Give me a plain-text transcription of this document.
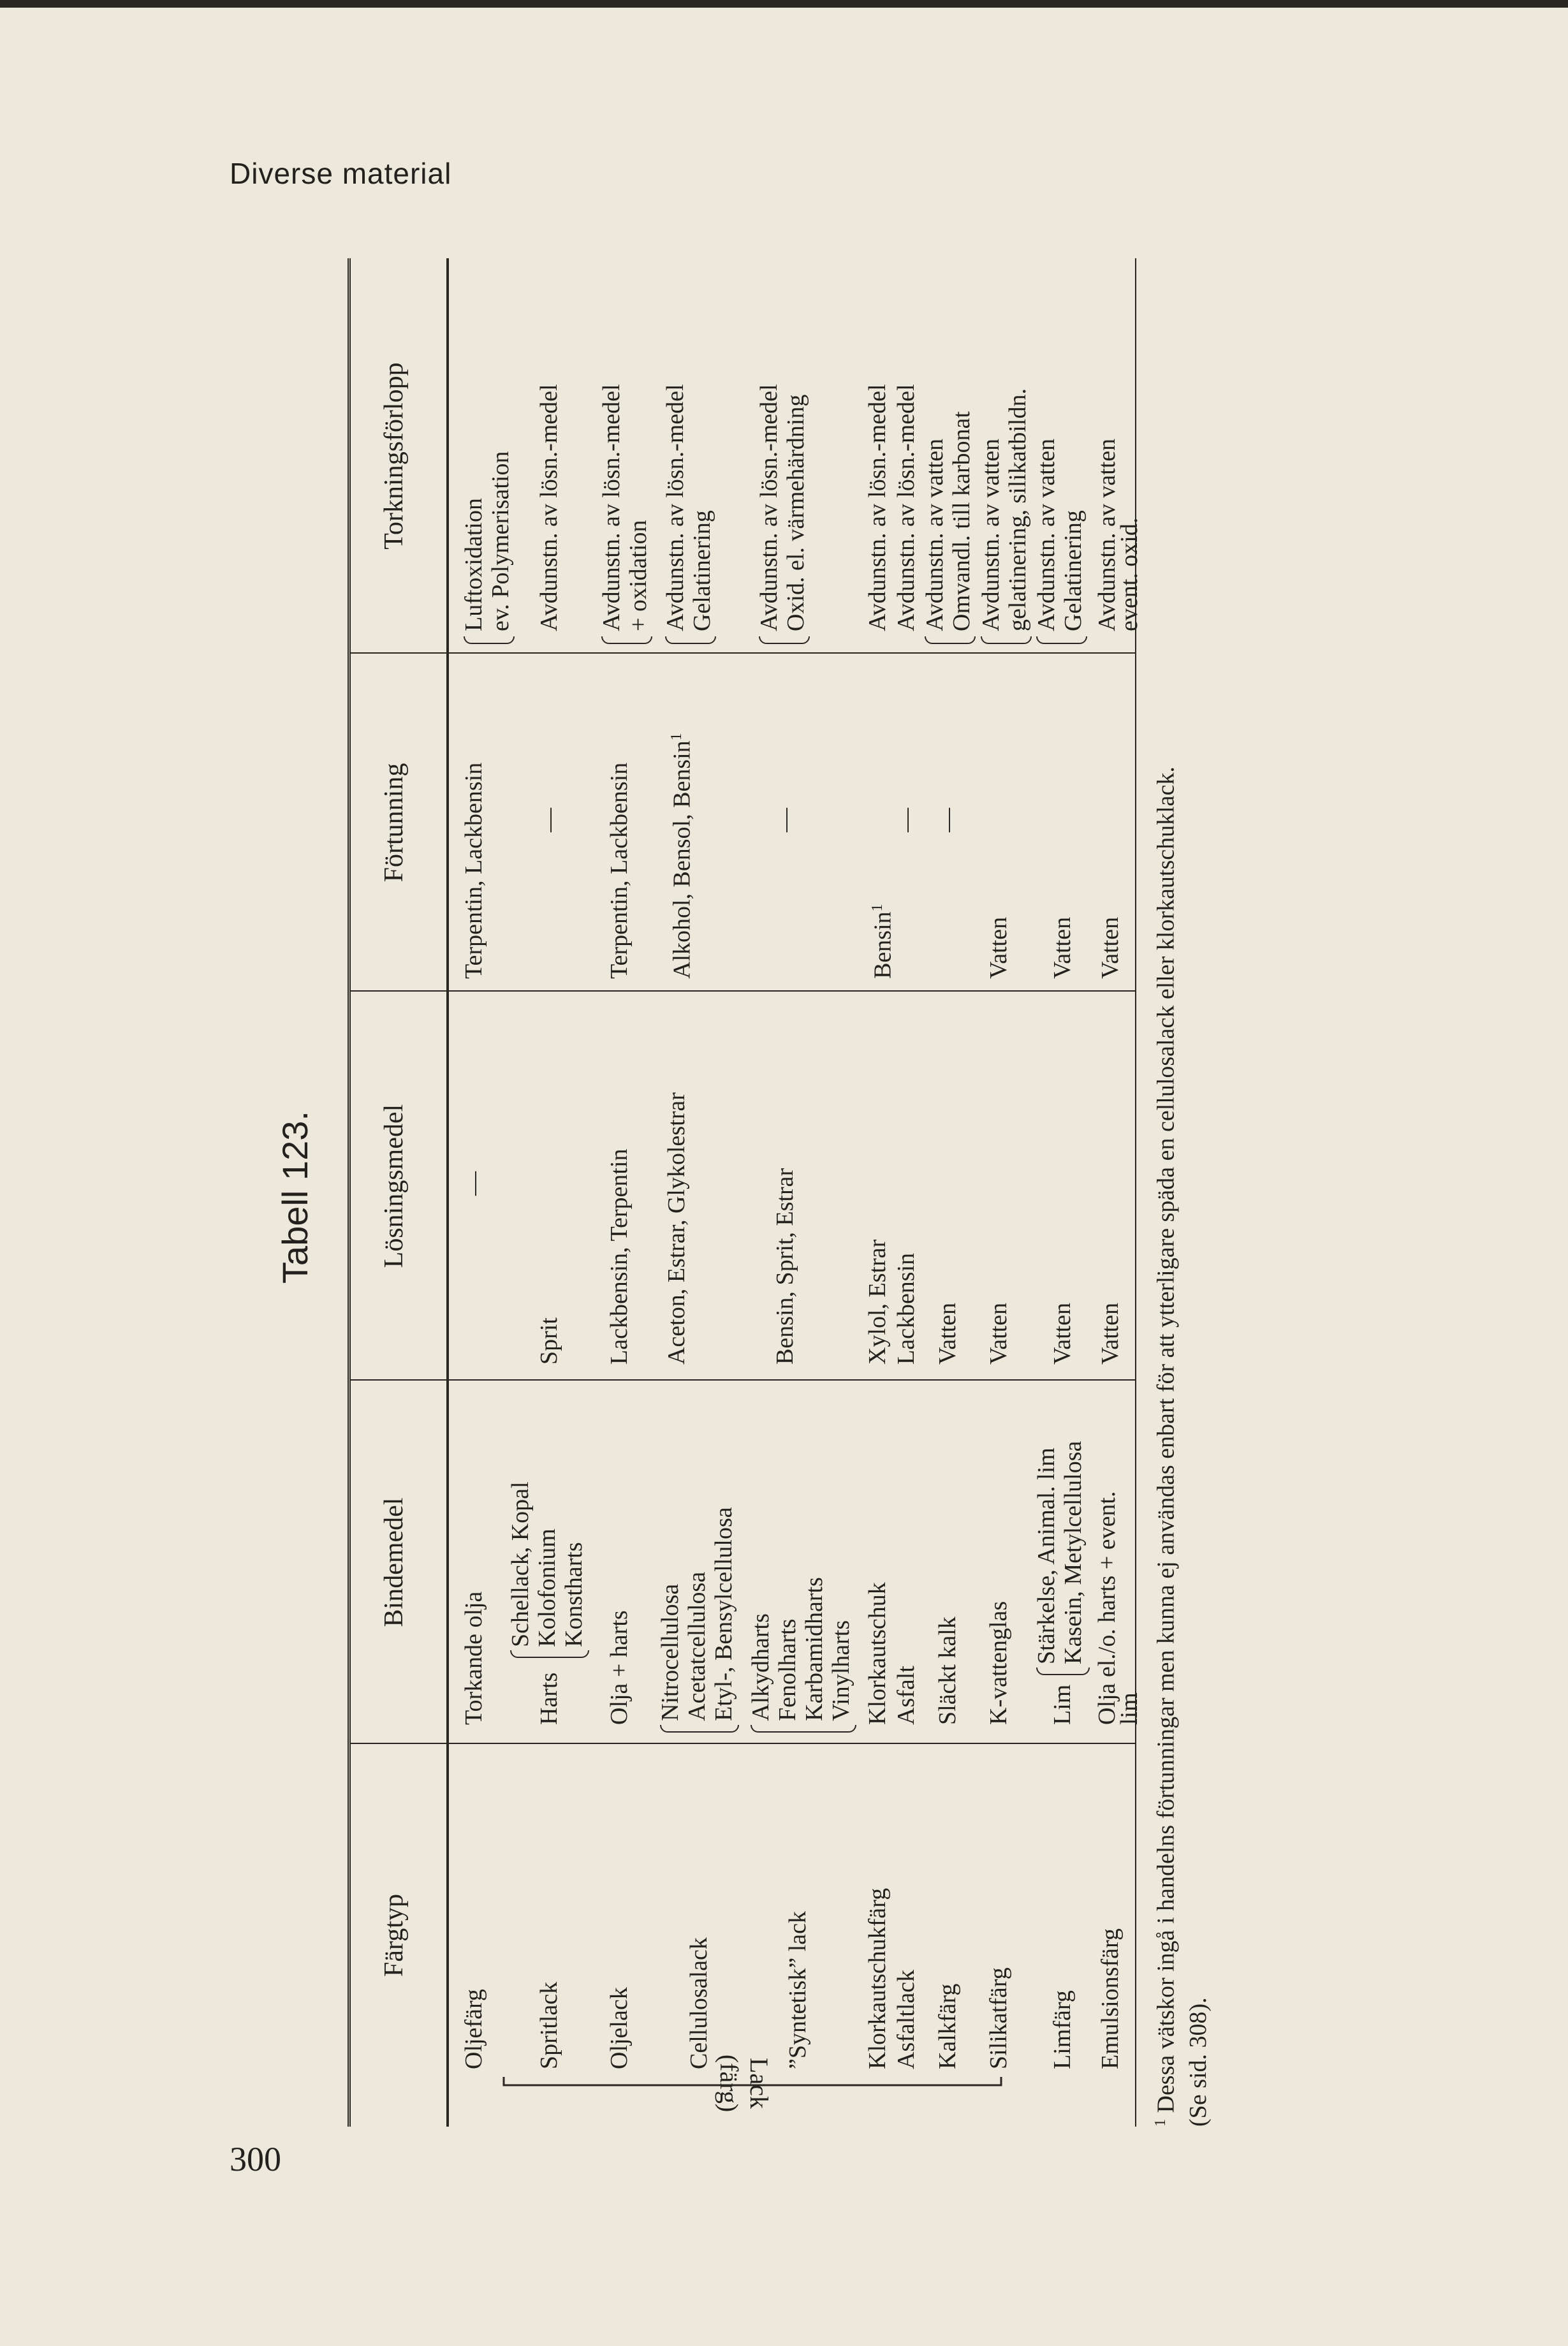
Diverse material
300
Tabell 123.
Färgtyp
Bindemedel
Lösningsmedel
Förtunning
Torkningsförlopp
Lack (färg)
Oljefärg
Torkande olja
—
Terpentin, Lackbensin
Luftoxidation ev. Polymerisation
Spritlack
Harts
Schellack, Kopal Kolofonium Konstharts
Sprit
—
Avdunstn. av lösn.-medel
Oljelack
Olja + harts
Lackbensin, Terpentin
Terpentin, Lackbensin
Avdunstn. av lösn.-medel + oxidation
Cellulosalack
Nitrocellulosa Acetatcellulosa Etyl-, Bensylcellulosa
Aceton, Estrar, Glykolestrar
Alkohol, Bensol, Bensin$^1$
Avdunstn. av lösn.-medel Gelatinering
”Syntetisk” lack
Alkydharts Fenolharts Karbamidharts Vinylharts
Bensin, Sprit, Estrar
—
Avdunstn. av lösn.-medel Oxid. el. värmehärdning
Klorkautschukfärg
Klorkautschuk
Xylol, Estrar
Bensin$^1$
Avdunstn. av lösn.-medel
Asfaltlack
Asfalt
Lackbensin
—
Avdunstn. av lösn.-medel
Kalkfärg
Släckt kalk
Vatten
—
Avdunstn. av vatten Omvandl. till karbonat
Silikatfärg
K-vattenglas
Vatten
Vatten
Avdunstn. av vatten gelatinering, silikatbildn.
Limfärg
Lim
Stärkelse, Animal. lim Kasein, Metylcellulosa
Vatten
Vatten
Avdunstn. av vatten Gelatinering
Emulsionsfärg
Olja el./o. harts + event.
lim
Vatten
Vatten
Avdunstn. av vatten
event. oxid.
$^1$ Dessa vätskor ingå i handelns förtunningar men kunna ej användas enbart för att ytterligare späda en cellulosalack eller klorkautschuklack. (Se sid. 308).
